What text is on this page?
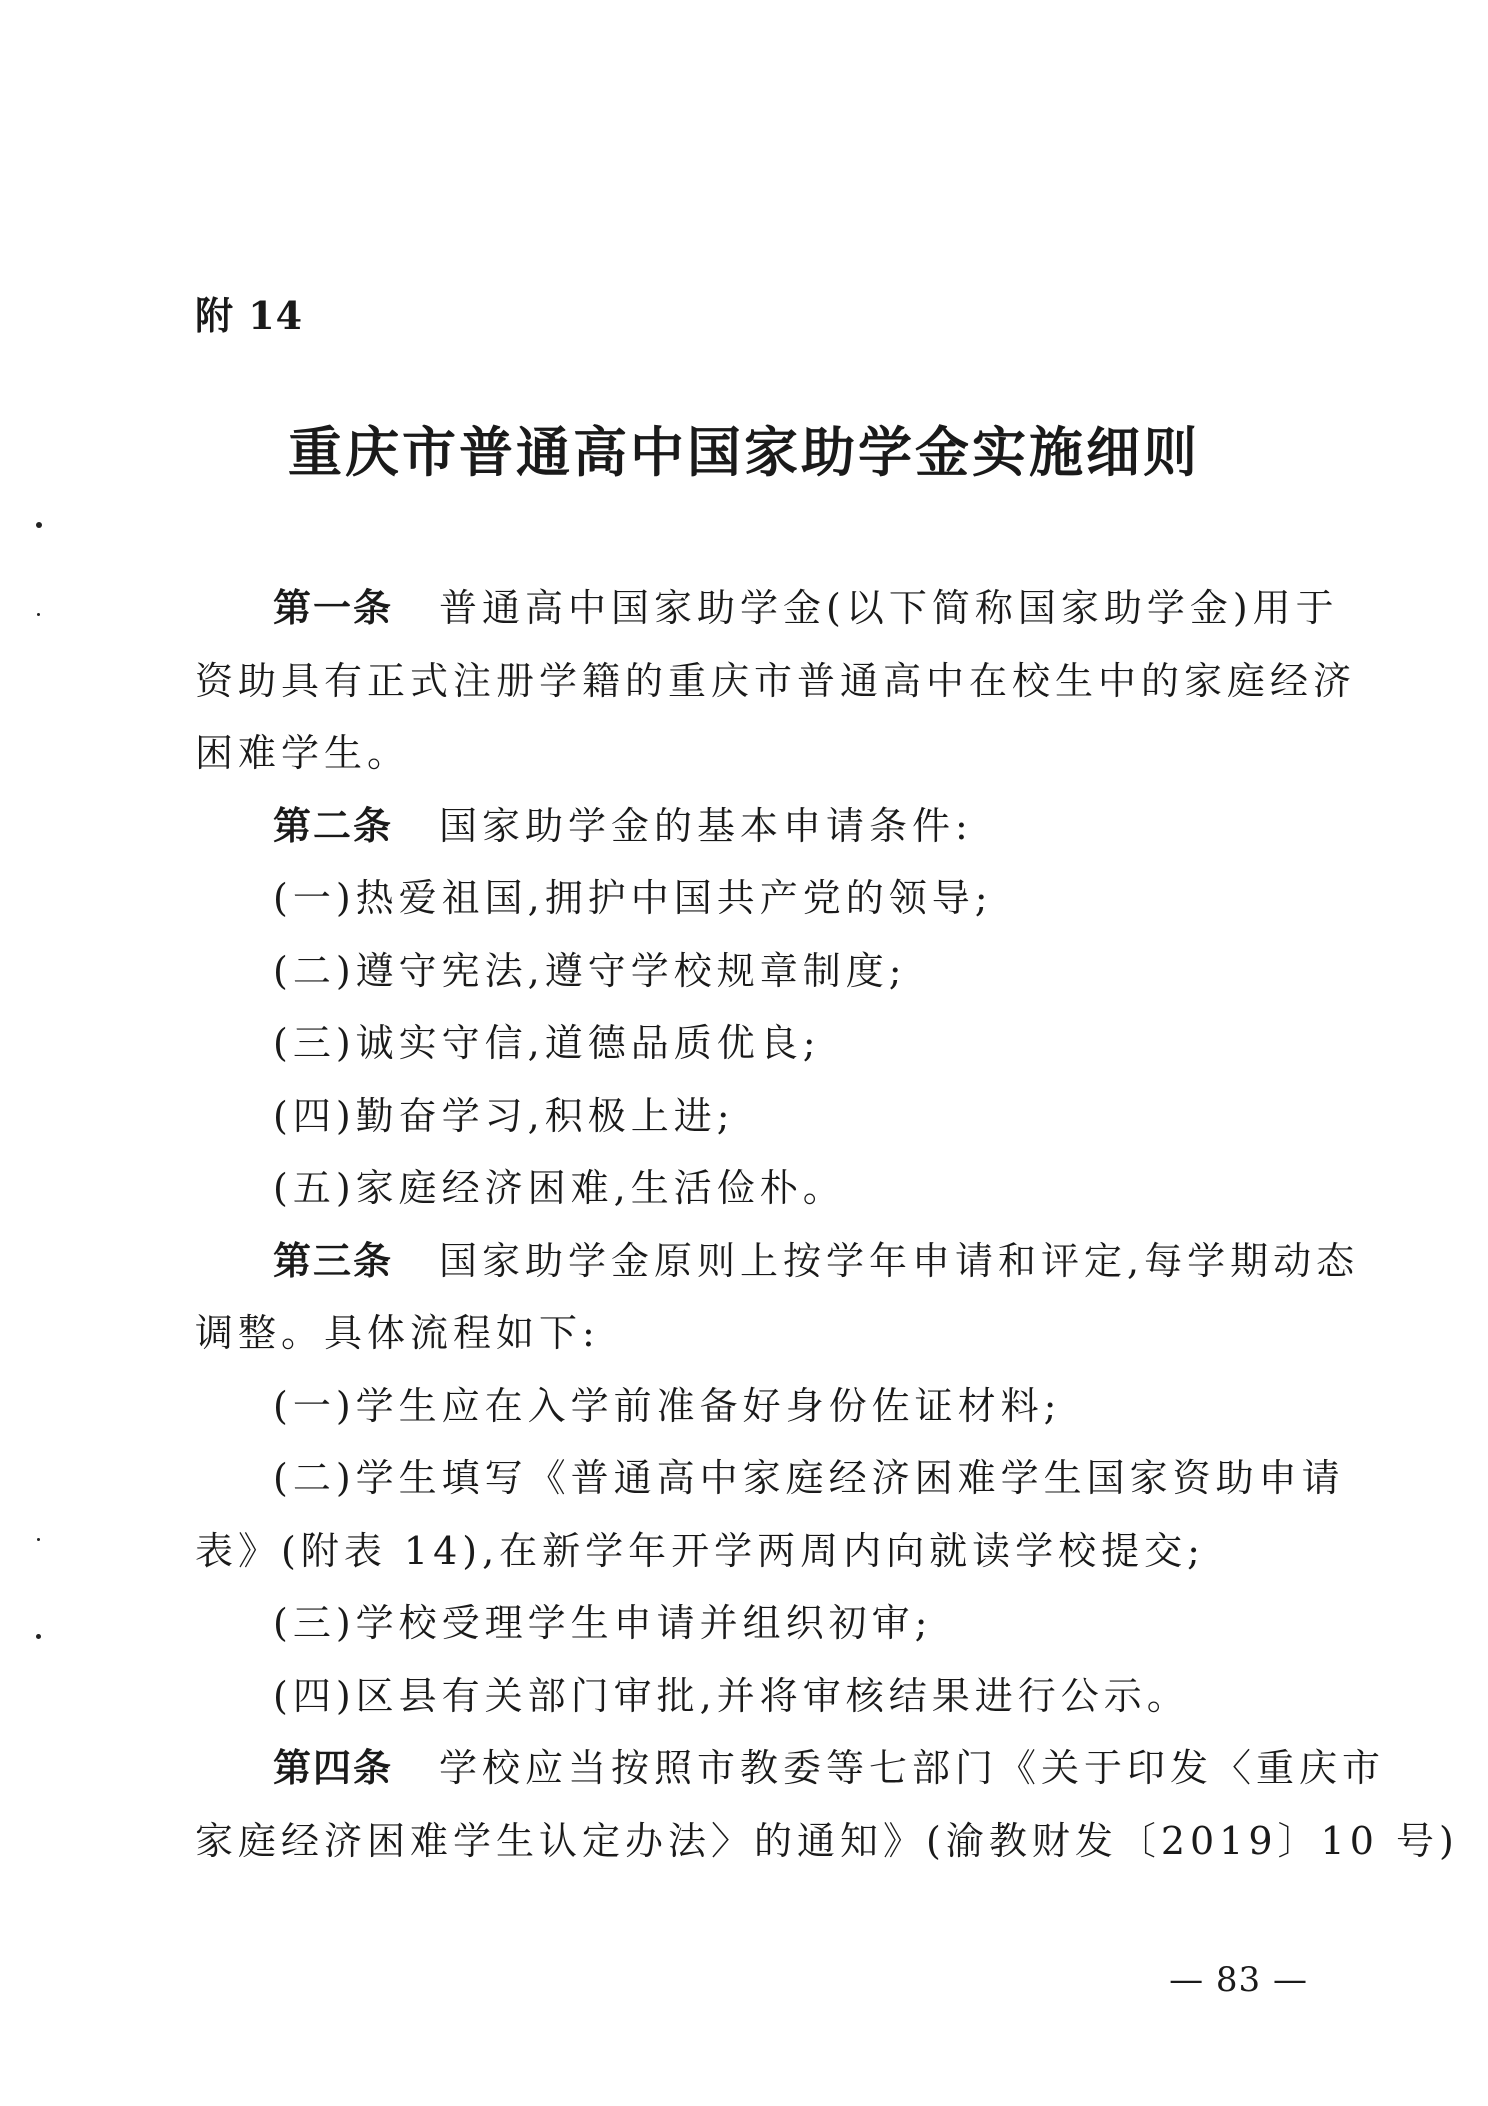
附 14
重庆市普通高中国家助学金实施细则
第一条 普通高中国家助学金(以下简称国家助学金)用于
资助具有正式注册学籍的重庆市普通高中在校生中的家庭经济
困难学生。
第二条 国家助学金的基本申请条件:
(一)热爱祖国,拥护中国共产党的领导;
(二)遵守宪法,遵守学校规章制度;
(三)诚实守信,道德品质优良;
(四)勤奋学习,积极上进;
(五)家庭经济困难,生活俭朴。
第三条 国家助学金原则上按学年申请和评定,每学期动态
调整。具体流程如下:
(一)学生应在入学前准备好身份佐证材料;
(二)学生填写《普通高中家庭经济困难学生国家资助申请
表》(附表 14),在新学年开学两周内向就读学校提交;
(三)学校受理学生申请并组织初审;
(四)区县有关部门审批,并将审核结果进行公示。
第四条 学校应当按照市教委等七部门《关于印发〈重庆市
家庭经济困难学生认定办法〉的通知》(渝教财发〔2019〕10 号)
— 83 —
